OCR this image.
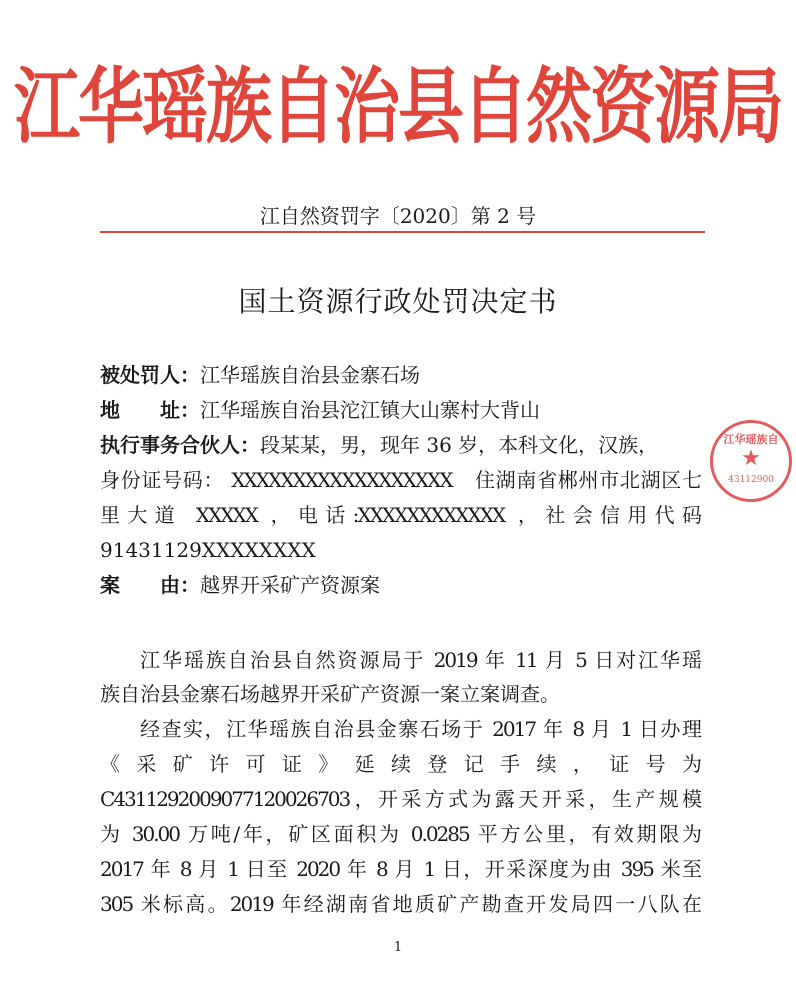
江华瑶族自治县自然资源局
江自然资罚字〔2020〕第 2 号
国土资源行政处罚决定书
被处罚人：江华瑶族自治县金寨石场
地　　址：江华瑶族自治县沱江镇大山寨村大背山
执行事务合伙人：段某某，男，现年 36 岁，本科文化，汉族，
身份证号码： XXXXXXXXXXXXXXXXXX　住湖南省郴州市北湖区七
里大道 XXXXX ，电话:XXXXXXXXXXXX ，社会信用代码
91431129XXXXXXXX
案　　由：越界开采矿产资源案
江华瑶族自治县自然资源局于 2019 年 11 月 5 日对江华瑶
族自治县金寨石场越界开采矿产资源一案立案调查。
经查实，江华瑶族自治县金寨石场于 2017 年 8 月 1 日办理
《采矿许可证》延续登记手续，证号为
C4311292009077120026703，开采方式为露天开采，生产规模
为 30.00 万吨/年，矿区面积为 0.0285 平方公里，有效期限为
2017 年 8 月 1 日至 2020 年 8 月 1 日，开采深度为由 395 米至
305 米标高。2019 年经湖南省地质矿产勘查开发局四一八队在
江华瑶族自
★
43112900
1
